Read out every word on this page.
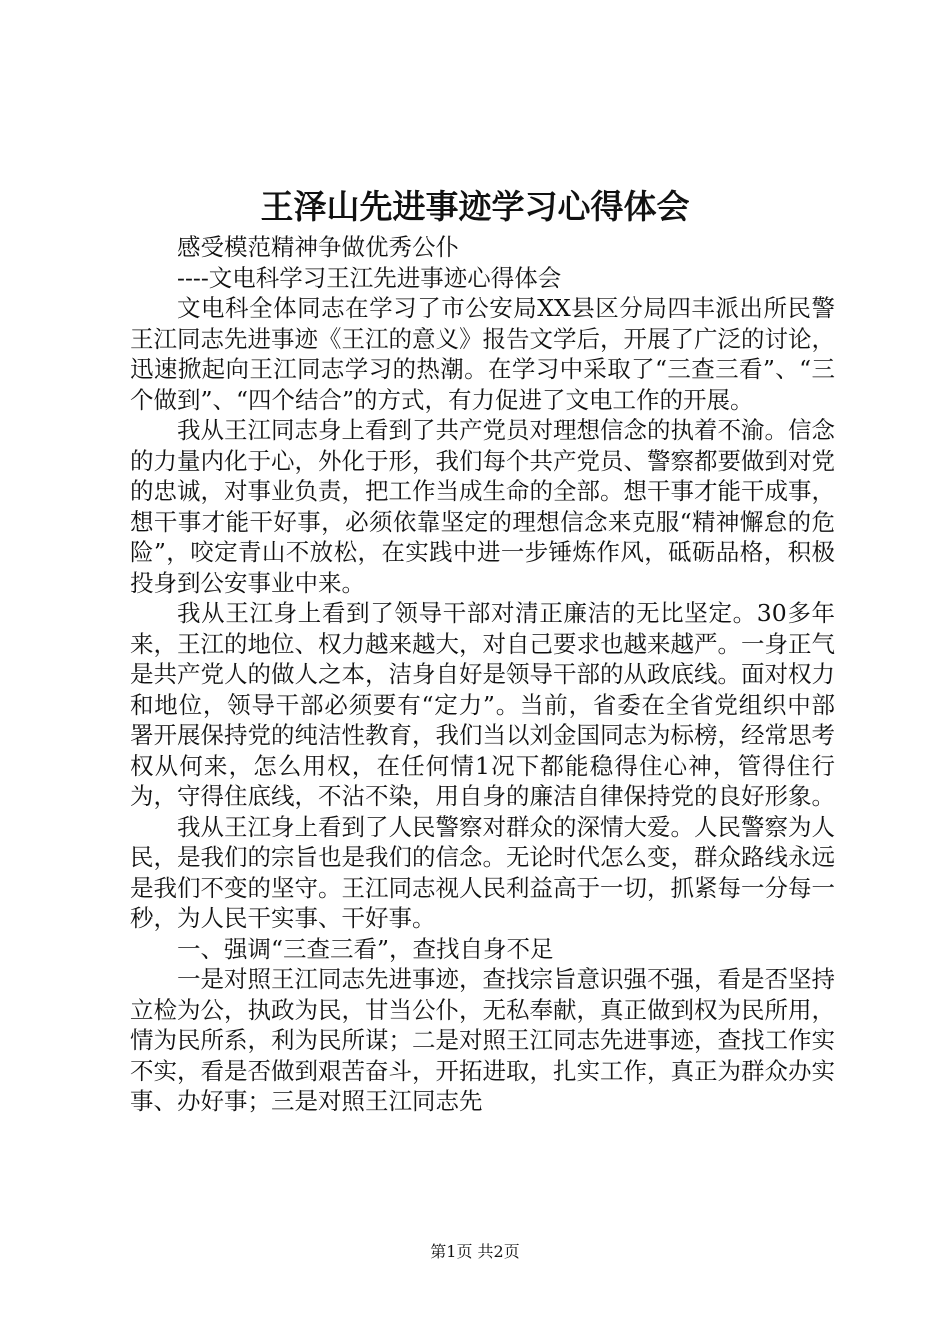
王泽山先进事迹学习心得体会

感受模范精神争做优秀公仆

----文电科学习王江先进事迹心得体会

文电科全体同志在学习了市公安局XX县区分局四丰派出所民警王江同志先进事迹《王江的意义》报告文学后，开展了广泛的讨论，迅速掀起向王江同志学习的热潮。在学习中采取了“三查三看”、“三个做到”、“四个结合”的方式，有力促进了文电工作的开展。

我从王江同志身上看到了共产党员对理想信念的执着不渝。信念的力量内化于心，外化于形，我们每个共产党员、警察都要做到对党的忠诚，对事业负责，把工作当成生命的全部。想干事才能干成事，想干事才能干好事，必须依靠坚定的理想信念来克服“精神懈怠的危险”，咬定青山不放松，在实践中进一步锤炼作风，砥砺品格，积极投身到公安事业中来。

我从王江身上看到了领导干部对清正廉洁的无比坚定。30多年来，王江的地位、权力越来越大，对自己要求也越来越严。一身正气是共产党人的做人之本，洁身自好是领导干部的从政底线。面对权力和地位，领导干部必须要有“定力”。当前，省委在全省党组织中部署开展保持党的纯洁性教育，我们当以刘金国同志为标榜，经常思考权从何来，怎么用权，在任何情1况下都能稳得住心神，管得住行为，守得住底线，不沾不染，用自身的廉洁自律保持党的良好形象。

我从王江身上看到了人民警察对群众的深情大爱。人民警察为人民，是我们的宗旨也是我们的信念。无论时代怎么变，群众路线永远是我们不变的坚守。王江同志视人民利益高于一切，抓紧每一分每一秒，为人民干实事、干好事。

一、强调“三查三看”，查找自身不足

一是对照王江同志先进事迹，查找宗旨意识强不强，看是否坚持立检为公，执政为民，甘当公仆，无私奉献，真正做到权为民所用，情为民所系，利为民所谋；二是对照王江同志先进事迹，查找工作实不实，看是否做到艰苦奋斗，开拓进取，扎实工作，真正为群众办实事、办好事；三是对照王江同志先

第1页 共2页
